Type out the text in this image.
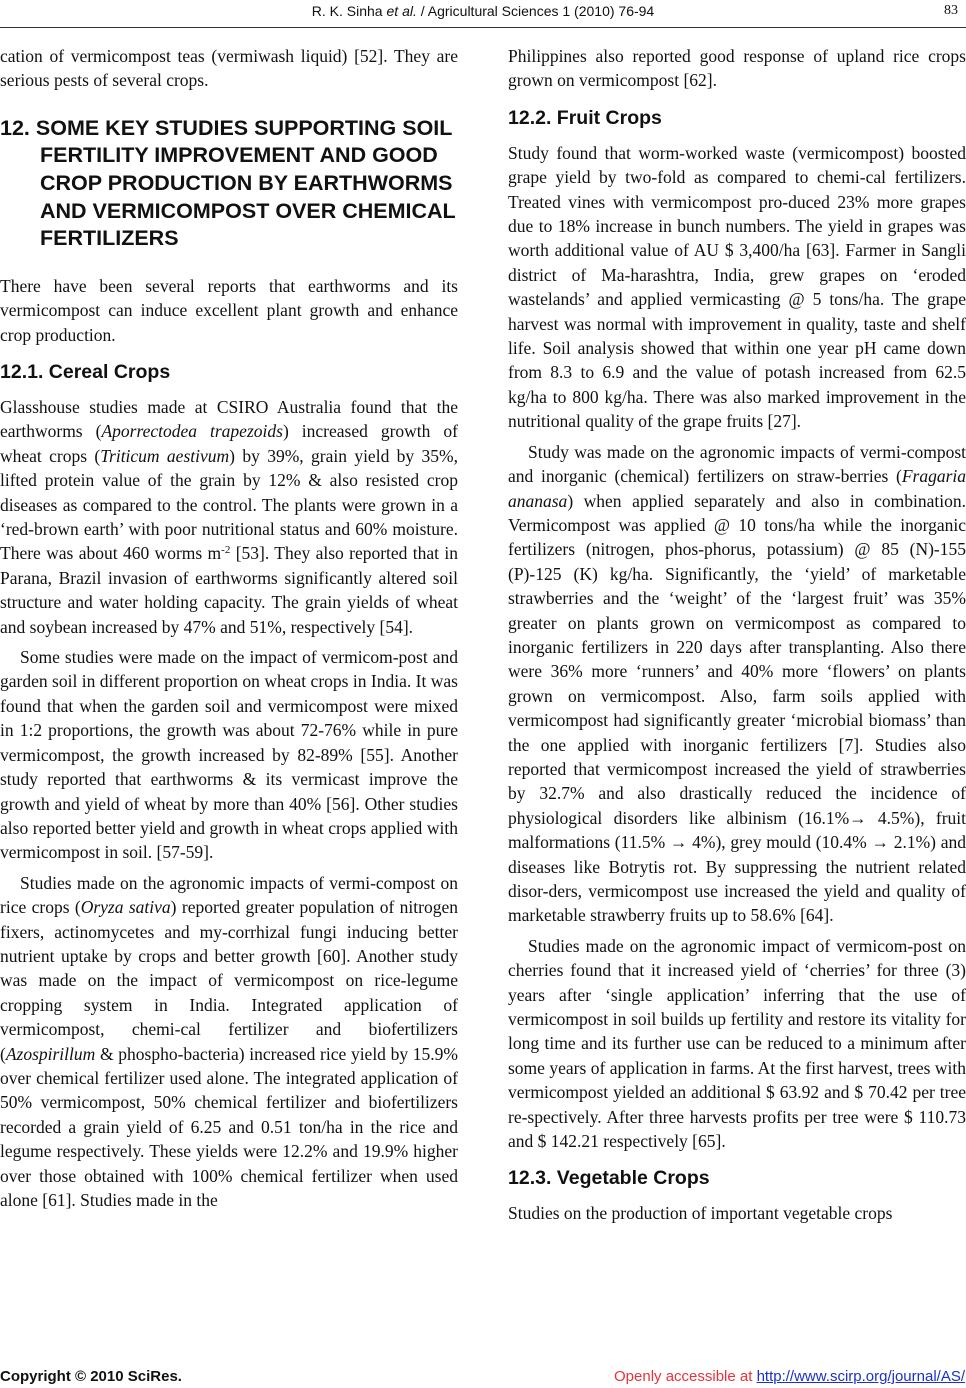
R. K. Sinha et al. / Agricultural Sciences 1 (2010) 76-94	83

cation of vermicompost teas (vermiwash liquid) [52]. They are serious pests of several crops.

12. SOME KEY STUDIES SUPPORTING SOIL FERTILITY IMPROVEMENT AND GOOD CROP PRODUCTION BY EARTHWORMS AND VERMICOMPOST OVER CHEMICAL FERTILIZERS

There have been several reports that earthworms and its vermicompost can induce excellent plant growth and enhance crop production.

12.1. Cereal Crops

Glasshouse studies made at CSIRO Australia found that the earthworms (Aporrectodea trapezoids) increased growth of wheat crops (Triticum aestivum) by 39%, grain yield by 35%, lifted protein value of the grain by 12% & also resisted crop diseases as compared to the control. The plants were grown in a ‘red-brown earth’ with poor nutritional status and 60% moisture. There was about 460 worms $m^{-2}$ [53]. They also reported that in Parana, Brazil invasion of earthworms significantly altered soil structure and water holding capacity. The grain yields of wheat and soybean increased by 47% and 51%, respectively [54].

Some studies were made on the impact of vermicom-post and garden soil in different proportion on wheat crops in India. It was found that when the garden soil and vermicompost were mixed in 1:2 proportions, the growth was about 72-76% while in pure vermicompost, the growth increased by 82-89% [55]. Another study reported that earthworms & its vermicast improve the growth and yield of wheat by more than 40% [56]. Other studies also reported better yield and growth in wheat crops applied with vermicompost in soil. [57-59].

Studies made on the agronomic impacts of vermi-compost on rice crops (Oryza sativa) reported greater population of nitrogen fixers, actinomycetes and my-corrhizal fungi inducing better nutrient uptake by crops and better growth [60]. Another study was made on the impact of vermicompost on rice-legume cropping system in India. Integrated application of vermicompost, chemi-cal fertilizer and biofertilizers (Azospirillum & phospho-bacteria) increased rice yield by 15.9% over chemical fertilizer used alone. The integrated application of 50% vermicompost, 50% chemical fertilizer and biofertilizers recorded a grain yield of 6.25 and 0.51 ton/ha in the rice and legume respectively. These yields were 12.2% and 19.9% higher over those obtained with 100% chemical fertilizer when used alone [61]. Studies made in the

Philippines also reported good response of upland rice crops grown on vermicompost [62].

12.2. Fruit Crops

Study found that worm-worked waste (vermicompost) boosted grape yield by two-fold as compared to chemi-cal fertilizers. Treated vines with vermicompost pro-duced 23% more grapes due to 18% increase in bunch numbers. The yield in grapes was worth additional value of AU $ 3,400/ha [63]. Farmer in Sangli district of Ma-harashtra, India, grew grapes on ‘eroded wastelands’ and applied vermicasting @ 5 tons/ha. The grape harvest was normal with improvement in quality, taste and shelf life. Soil analysis showed that within one year pH came down from 8.3 to 6.9 and the value of potash increased from 62.5 kg/ha to 800 kg/ha. There was also marked improvement in the nutritional quality of the grape fruits [27].

Study was made on the agronomic impacts of vermi-compost and inorganic (chemical) fertilizers on straw-berries (Fragaria ananasa) when applied separately and also in combination. Vermicompost was applied @ 10 tons/ha while the inorganic fertilizers (nitrogen, phos-phorus, potassium) @ 85 (N)-155 (P)-125 (K) kg/ha. Significantly, the ‘yield’ of marketable strawberries and the ‘weight’ of the ‘largest fruit’ was 35% greater on plants grown on vermicompost as compared to inorganic fertilizers in 220 days after transplanting. Also there were 36% more ‘runners’ and 40% more ‘flowers’ on plants grown on vermicompost. Also, farm soils applied with vermicompost had significantly greater ‘microbial biomass’ than the one applied with inorganic fertilizers [7]. Studies also reported that vermicompost increased the yield of strawberries by 32.7% and also drastically reduced the incidence of physiological disorders like albinism (16.1%→ 4.5%), fruit malformations (11.5% → 4%), grey mould (10.4% → 2.1%) and diseases like Botrytis rot. By suppressing the nutrient related disor-ders, vermicompost use increased the yield and quality of marketable strawberry fruits up to 58.6% [64].

Studies made on the agronomic impact of vermicom-post on cherries found that it increased yield of ‘cherries’ for three (3) years after ‘single application’ inferring that the use of vermicompost in soil builds up fertility and restore its vitality for long time and its further use can be reduced to a minimum after some years of application in farms. At the first harvest, trees with vermicompost yielded an additional $ 63.92 and $ 70.42 per tree re-spectively. After three harvests profits per tree were $ 110.73 and $ 142.21 respectively [65].

12.3. Vegetable Crops

Studies on the production of important vegetable crops

Copyright © 2010 SciRes.	Openly accessible at http://www.scirp.org/journal/AS/
